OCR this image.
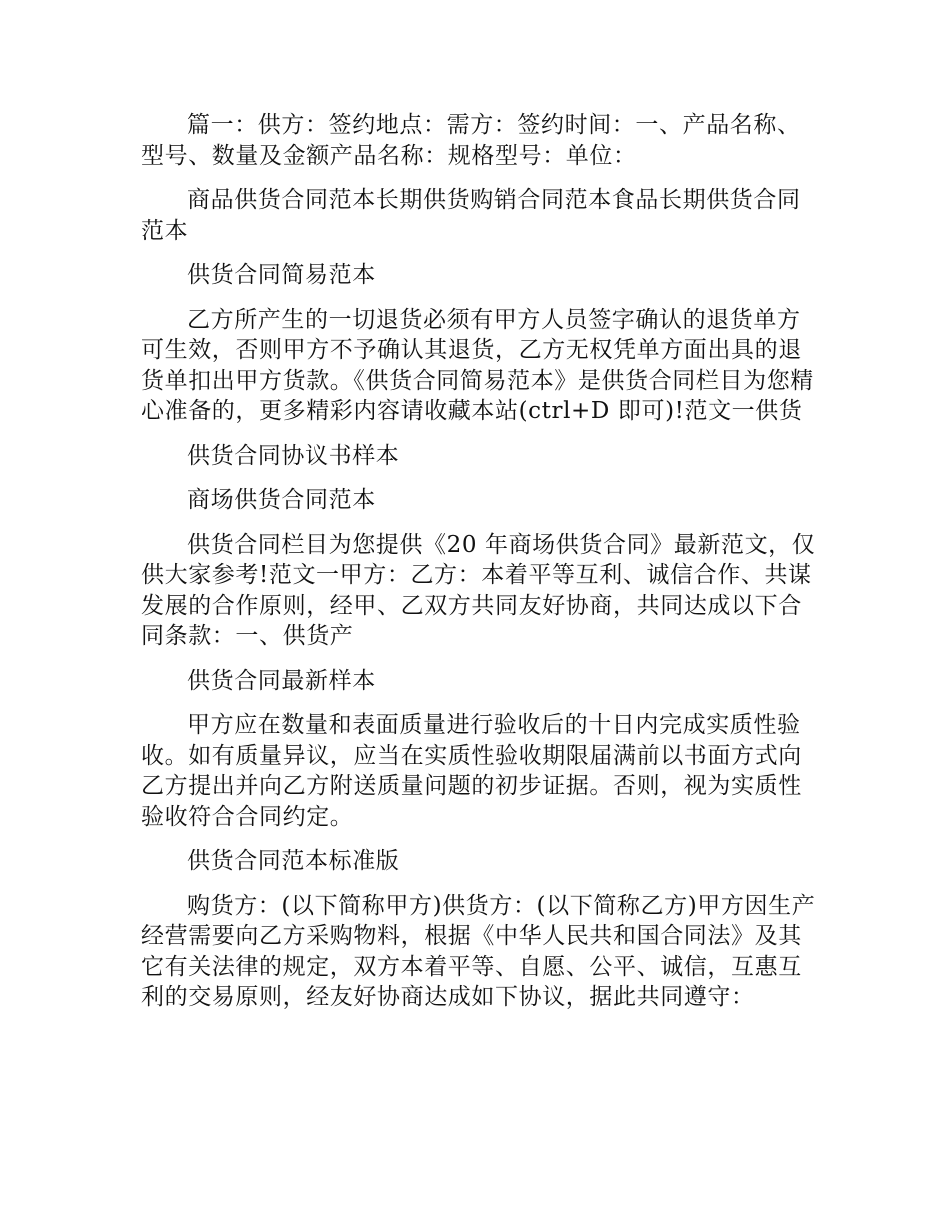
篇一：供方：签约地点：需方：签约时间：一、产品名称、型号、数量及金额产品名称：规格型号：单位：

商品供货合同范本长期供货购销合同范本食品长期供货合同范本

供货合同简易范本

乙方所产生的一切退货必须有甲方人员签字确认的退货单方可生效，否则甲方不予确认其退货，乙方无权凭单方面出具的退货单扣出甲方货款。《供货合同简易范本》是供货合同栏目为您精心准备的，更多精彩内容请收藏本站(ctrl+D 即可)!范文一供货

供货合同协议书样本

商场供货合同范本

供货合同栏目为您提供《20 年商场供货合同》最新范文，仅供大家参考!范文一甲方：乙方：本着平等互利、诚信合作、共谋发展的合作原则，经甲、乙双方共同友好协商，共同达成以下合同条款：一、供货产

供货合同最新样本

甲方应在数量和表面质量进行验收后的十日内完成实质性验收。如有质量异议，应当在实质性验收期限届满前以书面方式向乙方提出并向乙方附送质量问题的初步证据。否则，视为实质性验收符合合同约定。

供货合同范本标准版

购货方：(以下简称甲方)供货方：(以下简称乙方)甲方因生产经营需要向乙方采购物料，根据《中华人民共和国合同法》及其它有关法律的规定，双方本着平等、自愿、公平、诚信，互惠互利的交易原则，经友好协商达成如下协议，据此共同遵守：
